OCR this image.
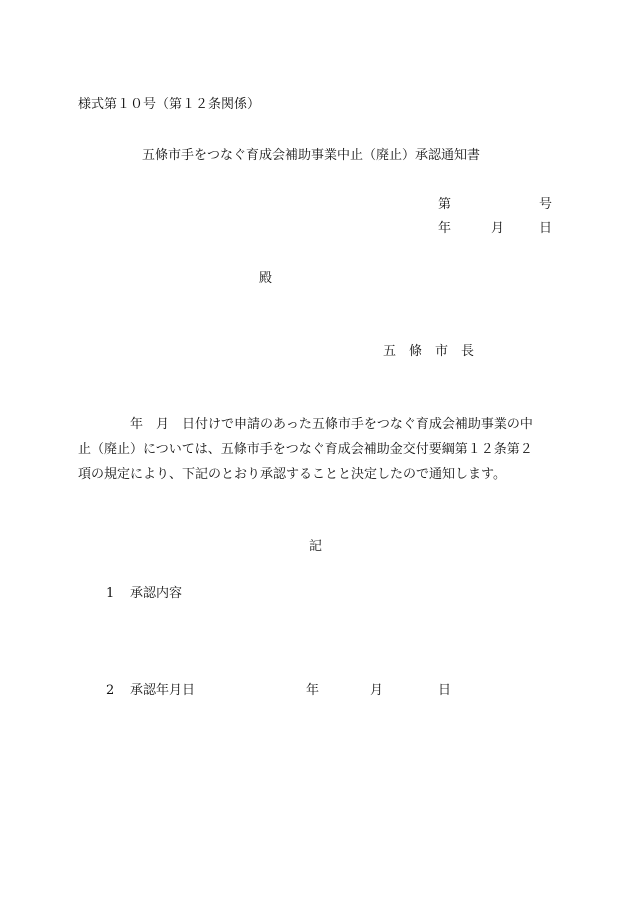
様式第１０号（第１２条関係）
五條市手をつなぐ育成会補助事業中止（廃止）承認通知書
第	号
年	月	日
殿
五 條 市 長
　　　　年　月　日付けで申請のあった五條市手をつなぐ育成会補助事業の中
止（廃止）については、五條市手をつなぐ育成会補助金交付要綱第１２条第２
項の規定により、下記のとおり承認することと決定したので通知します。
記
1 承認内容
2 承認年月日	年	月	日
